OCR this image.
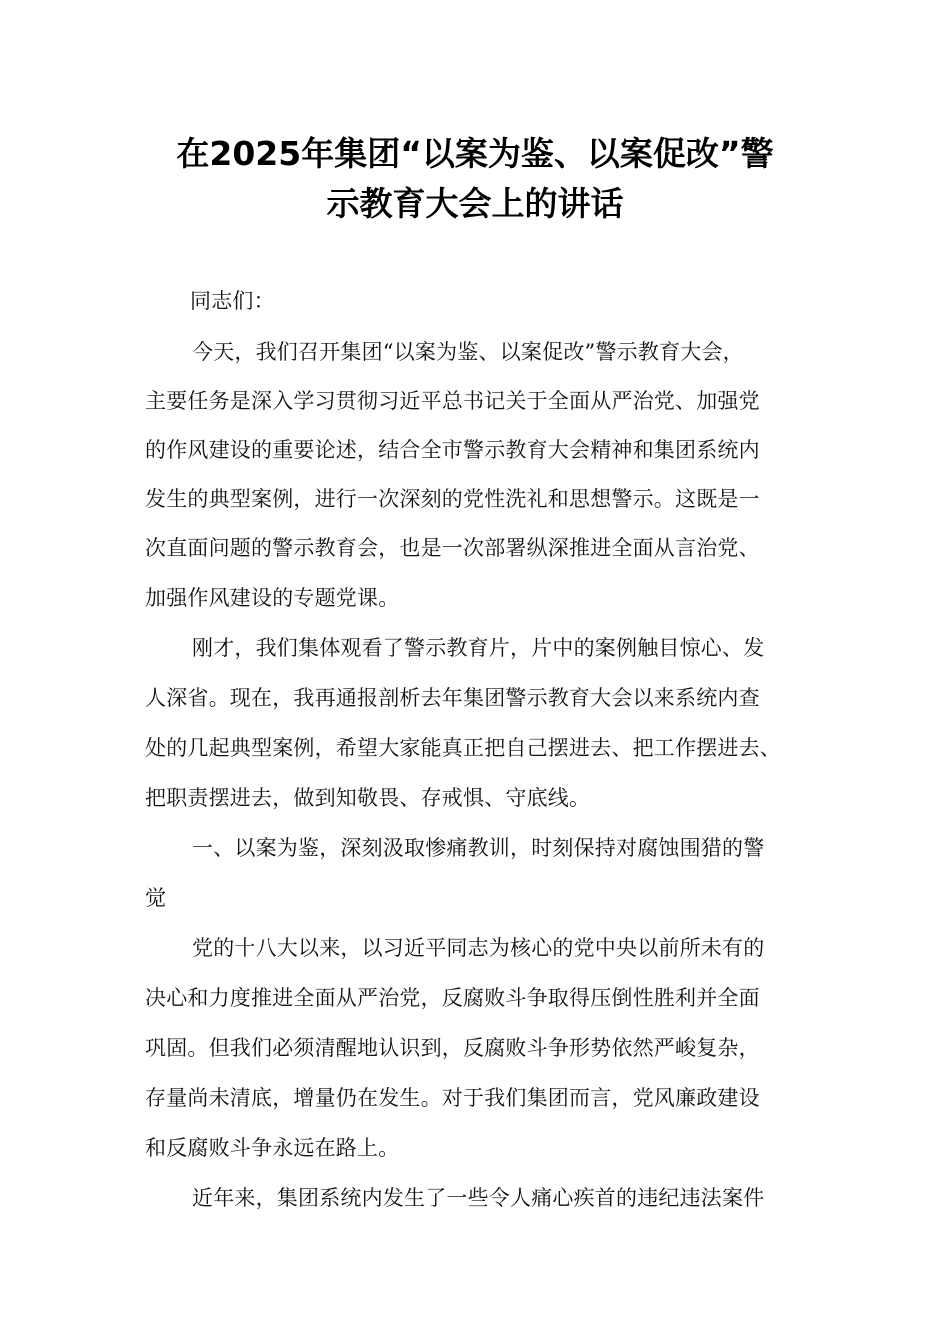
在2025年集团“以案为鉴、以案促改”警
示教育大会上的讲话
同志们：
今天，我们召开集团“以案为鉴、以案促改”警示教育大会，
主要任务是深入学习贯彻习近平总书记关于全面从严治党、加强党
的作风建设的重要论述，结合全市警示教育大会精神和集团系统内
发生的典型案例，进行一次深刻的党性洗礼和思想警示。这既是一
次直面问题的警示教育会，也是一次部署纵深推进全面从言治党、
加强作风建设的专题党课。
刚才，我们集体观看了警示教育片，片中的案例触目惊心、发
人深省。现在，我再通报剖析去年集团警示教育大会以来系统内查
处的几起典型案例，希望大家能真正把自己摆进去、把工作摆进去、
把职责摆进去，做到知敬畏、存戒惧、守底线。
一、以案为鉴，深刻汲取惨痛教训，时刻保持对腐蚀围猎的警
觉
党的十八大以来，以习近平同志为核心的党中央以前所未有的
决心和力度推进全面从严治党，反腐败斗争取得压倒性胜利并全面
巩固。但我们必须清醒地认识到，反腐败斗争形势依然严峻复杂，
存量尚未清底，增量仍在发生。对于我们集团而言，党风廉政建设
和反腐败斗争永远在路上。
近年来，集团系统内发生了一些令人痛心疾首的违纪违法案件
